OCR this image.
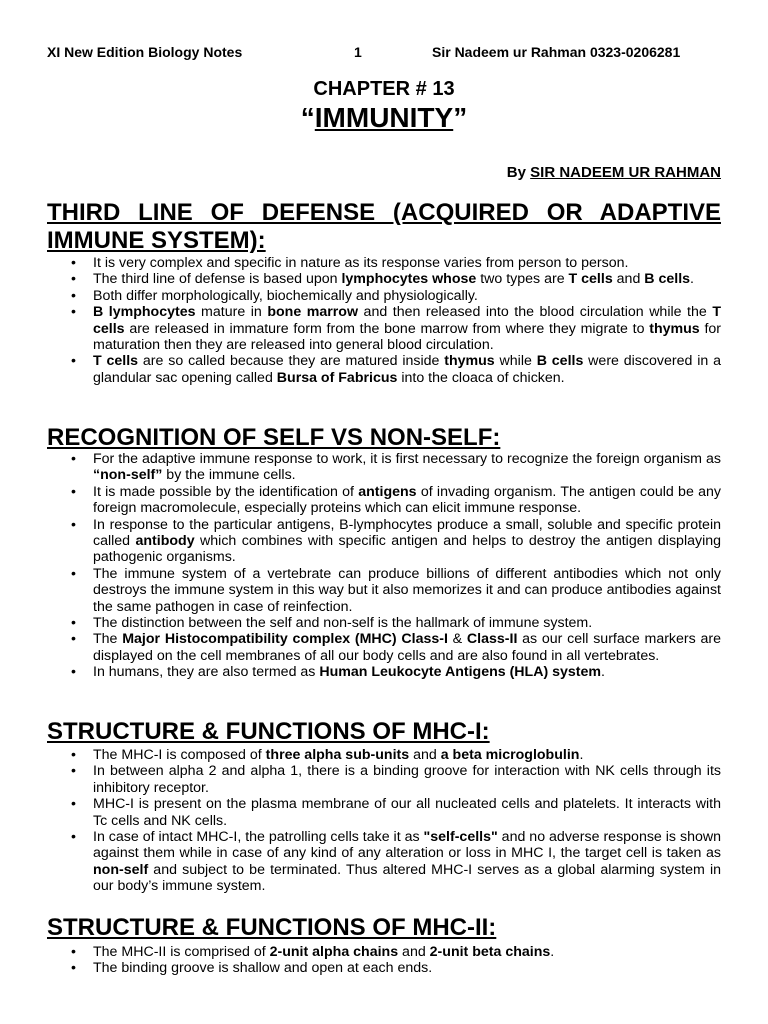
XI New Edition Biology Notes	1	Sir Nadeem ur Rahman 0323-0206281
CHAPTER # 13
“IMMUNITY”
By SIR NADEEM UR RAHMAN
THIRD LINE OF DEFENSE (ACQUIRED OR ADAPTIVE IMMUNE SYSTEM):
• It is very complex and specific in nature as its response varies from person to person.
• The third line of defense is based upon lymphocytes whose two types are T cells and B cells.
• Both differ morphologically, biochemically and physiologically.
• B lymphocytes mature in bone marrow and then released into the blood circulation while the T cells are released in immature form from the bone marrow from where they migrate to thymus for maturation then they are released into general blood circulation.
• T cells are so called because they are matured inside thymus while B cells were discovered in a glandular sac opening called Bursa of Fabricus into the cloaca of chicken.
RECOGNITION OF SELF VS NON-SELF:
• For the adaptive immune response to work, it is first necessary to recognize the foreign organism as “non-self” by the immune cells.
• It is made possible by the identification of antigens of invading organism. The antigen could be any foreign macromolecule, especially proteins which can elicit immune response.
• In response to the particular antigens, B-lymphocytes produce a small, soluble and specific protein called antibody which combines with specific antigen and helps to destroy the antigen displaying pathogenic organisms.
• The immune system of a vertebrate can produce billions of different antibodies which not only destroys the immune system in this way but it also memorizes it and can produce antibodies against the same pathogen in case of reinfection.
• The distinction between the self and non-self is the hallmark of immune system.
• The Major Histocompatibility complex (MHC) Class-I & Class-II as our cell surface markers are displayed on the cell membranes of all our body cells and are also found in all vertebrates.
• In humans, they are also termed as Human Leukocyte Antigens (HLA) system.
STRUCTURE & FUNCTIONS OF MHC-I:
• The MHC-I is composed of three alpha sub-units and a beta microglobulin.
• In between alpha 2 and alpha 1, there is a binding groove for interaction with NK cells through its inhibitory receptor.
• MHC-I is present on the plasma membrane of our all nucleated cells and platelets. It interacts with Tc cells and NK cells.
• In case of intact MHC-I, the patrolling cells take it as "self-cells" and no adverse response is shown against them while in case of any kind of any alteration or loss in MHC I, the target cell is taken as non-self and subject to be terminated. Thus altered MHC-I serves as a global alarming system in our body’s immune system.
STRUCTURE & FUNCTIONS OF MHC-II:
• The MHC-II is comprised of 2-unit alpha chains and 2-unit beta chains.
• The binding groove is shallow and open at each ends.
